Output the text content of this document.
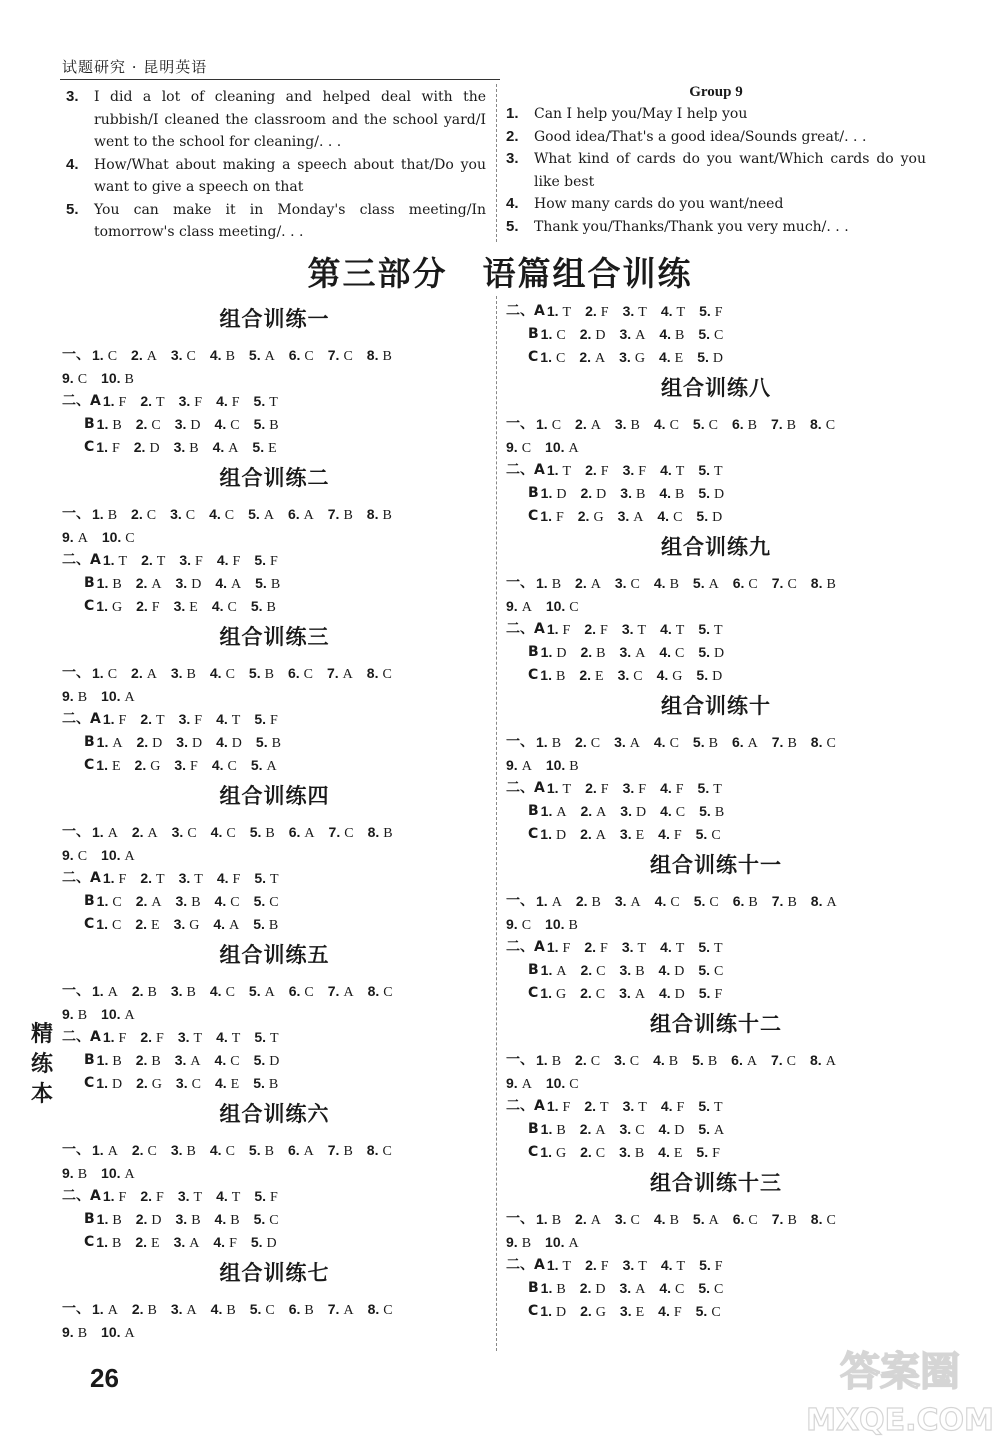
试题研究 · 昆明英语
3.	I did a lot of cleaning and helped deal with the rubbish/I cleaned the classroom and the school yard/I went to the school for cleaning/. . .
4.	How/What about making a speech about that/Do you want to give a speech on that
5.	You can make it in Monday's class meeting/In tomorrow's class meeting/. . .
Group 9
1.	Can I help you/May I help you
2.	Good idea/That's a good idea/Sounds great/. . .
3.	What kind of cards do you want/Which cards do you like best
4.	How many cards do you want/need
5.	Thank you/Thanks/Thank you very much/. . .
第三部分　语篇组合训练
组合训练一
一、 1. C 2. A 3. C 4. B 5. A 6. C 7. C 8. B
9. C 10. B
二、A 1. F 2. T 3. F 4. F 5. T
B 1. B 2. C 3. D 4. C 5. B
C 1. F 2. D 3. B 4. A 5. E
组合训练二
一、 1. B 2. C 3. C 4. C 5. A 6. A 7. B 8. B
9. A 10. C
二、A 1. T 2. T 3. F 4. F 5. F
B 1. B 2. A 3. D 4. A 5. B
C 1. G 2. F 3. E 4. C 5. B
组合训练三
一、 1. C 2. A 3. B 4. C 5. B 6. C 7. A 8. C
9. B 10. A
二、A 1. F 2. T 3. F 4. T 5. F
B 1. A 2. D 3. D 4. D 5. B
C 1. E 2. G 3. F 4. C 5. A
组合训练四
一、 1. A 2. A 3. C 4. C 5. B 6. A 7. C 8. B
9. C 10. A
二、A 1. F 2. T 3. T 4. F 5. T
B 1. C 2. A 3. B 4. C 5. C
C 1. C 2. E 3. G 4. A 5. B
组合训练五
一、 1. A 2. B 3. B 4. C 5. A 6. C 7. A 8. C
9. B 10. A
二、A 1. F 2. F 3. T 4. T 5. T
B 1. B 2. B 3. A 4. C 5. D
C 1. D 2. G 3. C 4. E 5. B
组合训练六
一、 1. A 2. C 3. B 4. C 5. B 6. A 7. B 8. C
9. B 10. A
二、A 1. F 2. F 3. T 4. T 5. F
B 1. B 2. D 3. B 4. B 5. C
C 1. B 2. E 3. A 4. F 5. D
组合训练七
一、 1. A 2. B 3. A 4. B 5. C 6. B 7. A 8. C
9. B 10. A
二、A 1. T 2. F 3. T 4. T 5. F
B 1. C 2. D 3. A 4. B 5. C
C 1. C 2. A 3. G 4. E 5. D
组合训练八
一、 1. C 2. A 3. B 4. C 5. C 6. B 7. B 8. C
9. C 10. A
二、A 1. T 2. F 3. F 4. T 5. T
B 1. D 2. D 3. B 4. B 5. D
C 1. F 2. G 3. A 4. C 5. D
组合训练九
一、 1. B 2. A 3. C 4. B 5. A 6. C 7. C 8. B
9. A 10. C
二、A 1. F 2. F 3. T 4. T 5. T
B 1. D 2. B 3. A 4. C 5. D
C 1. B 2. E 3. C 4. G 5. D
组合训练十
一、 1. B 2. C 3. A 4. C 5. B 6. A 7. B 8. C
9. A 10. B
二、A 1. T 2. F 3. F 4. F 5. T
B 1. A 2. A 3. D 4. C 5. B
C 1. D 2. A 3. E 4. F 5. C
组合训练十一
一、 1. A 2. B 3. A 4. C 5. C 6. B 7. B 8. A
9. C 10. B
二、A 1. F 2. F 3. T 4. T 5. T
B 1. A 2. C 3. B 4. D 5. C
C 1. G 2. C 3. A 4. D 5. F
组合训练十二
一、 1. B 2. C 3. C 4. B 5. B 6. A 7. C 8. A
9. A 10. C
二、A 1. F 2. T 3. T 4. F 5. T
B 1. B 2. A 3. C 4. D 5. A
C 1. G 2. C 3. B 4. E 5. F
组合训练十三
一、 1. B 2. A 3. C 4. B 5. A 6. C 7. B 8. C
9. B 10. A
二、A 1. T 2. F 3. T 4. T 5. F
B 1. B 2. D 3. A 4. C 5. C
C 1. D 2. G 3. E 4. F 5. C
精
练
本
26	答案圈
MXQE.COM
